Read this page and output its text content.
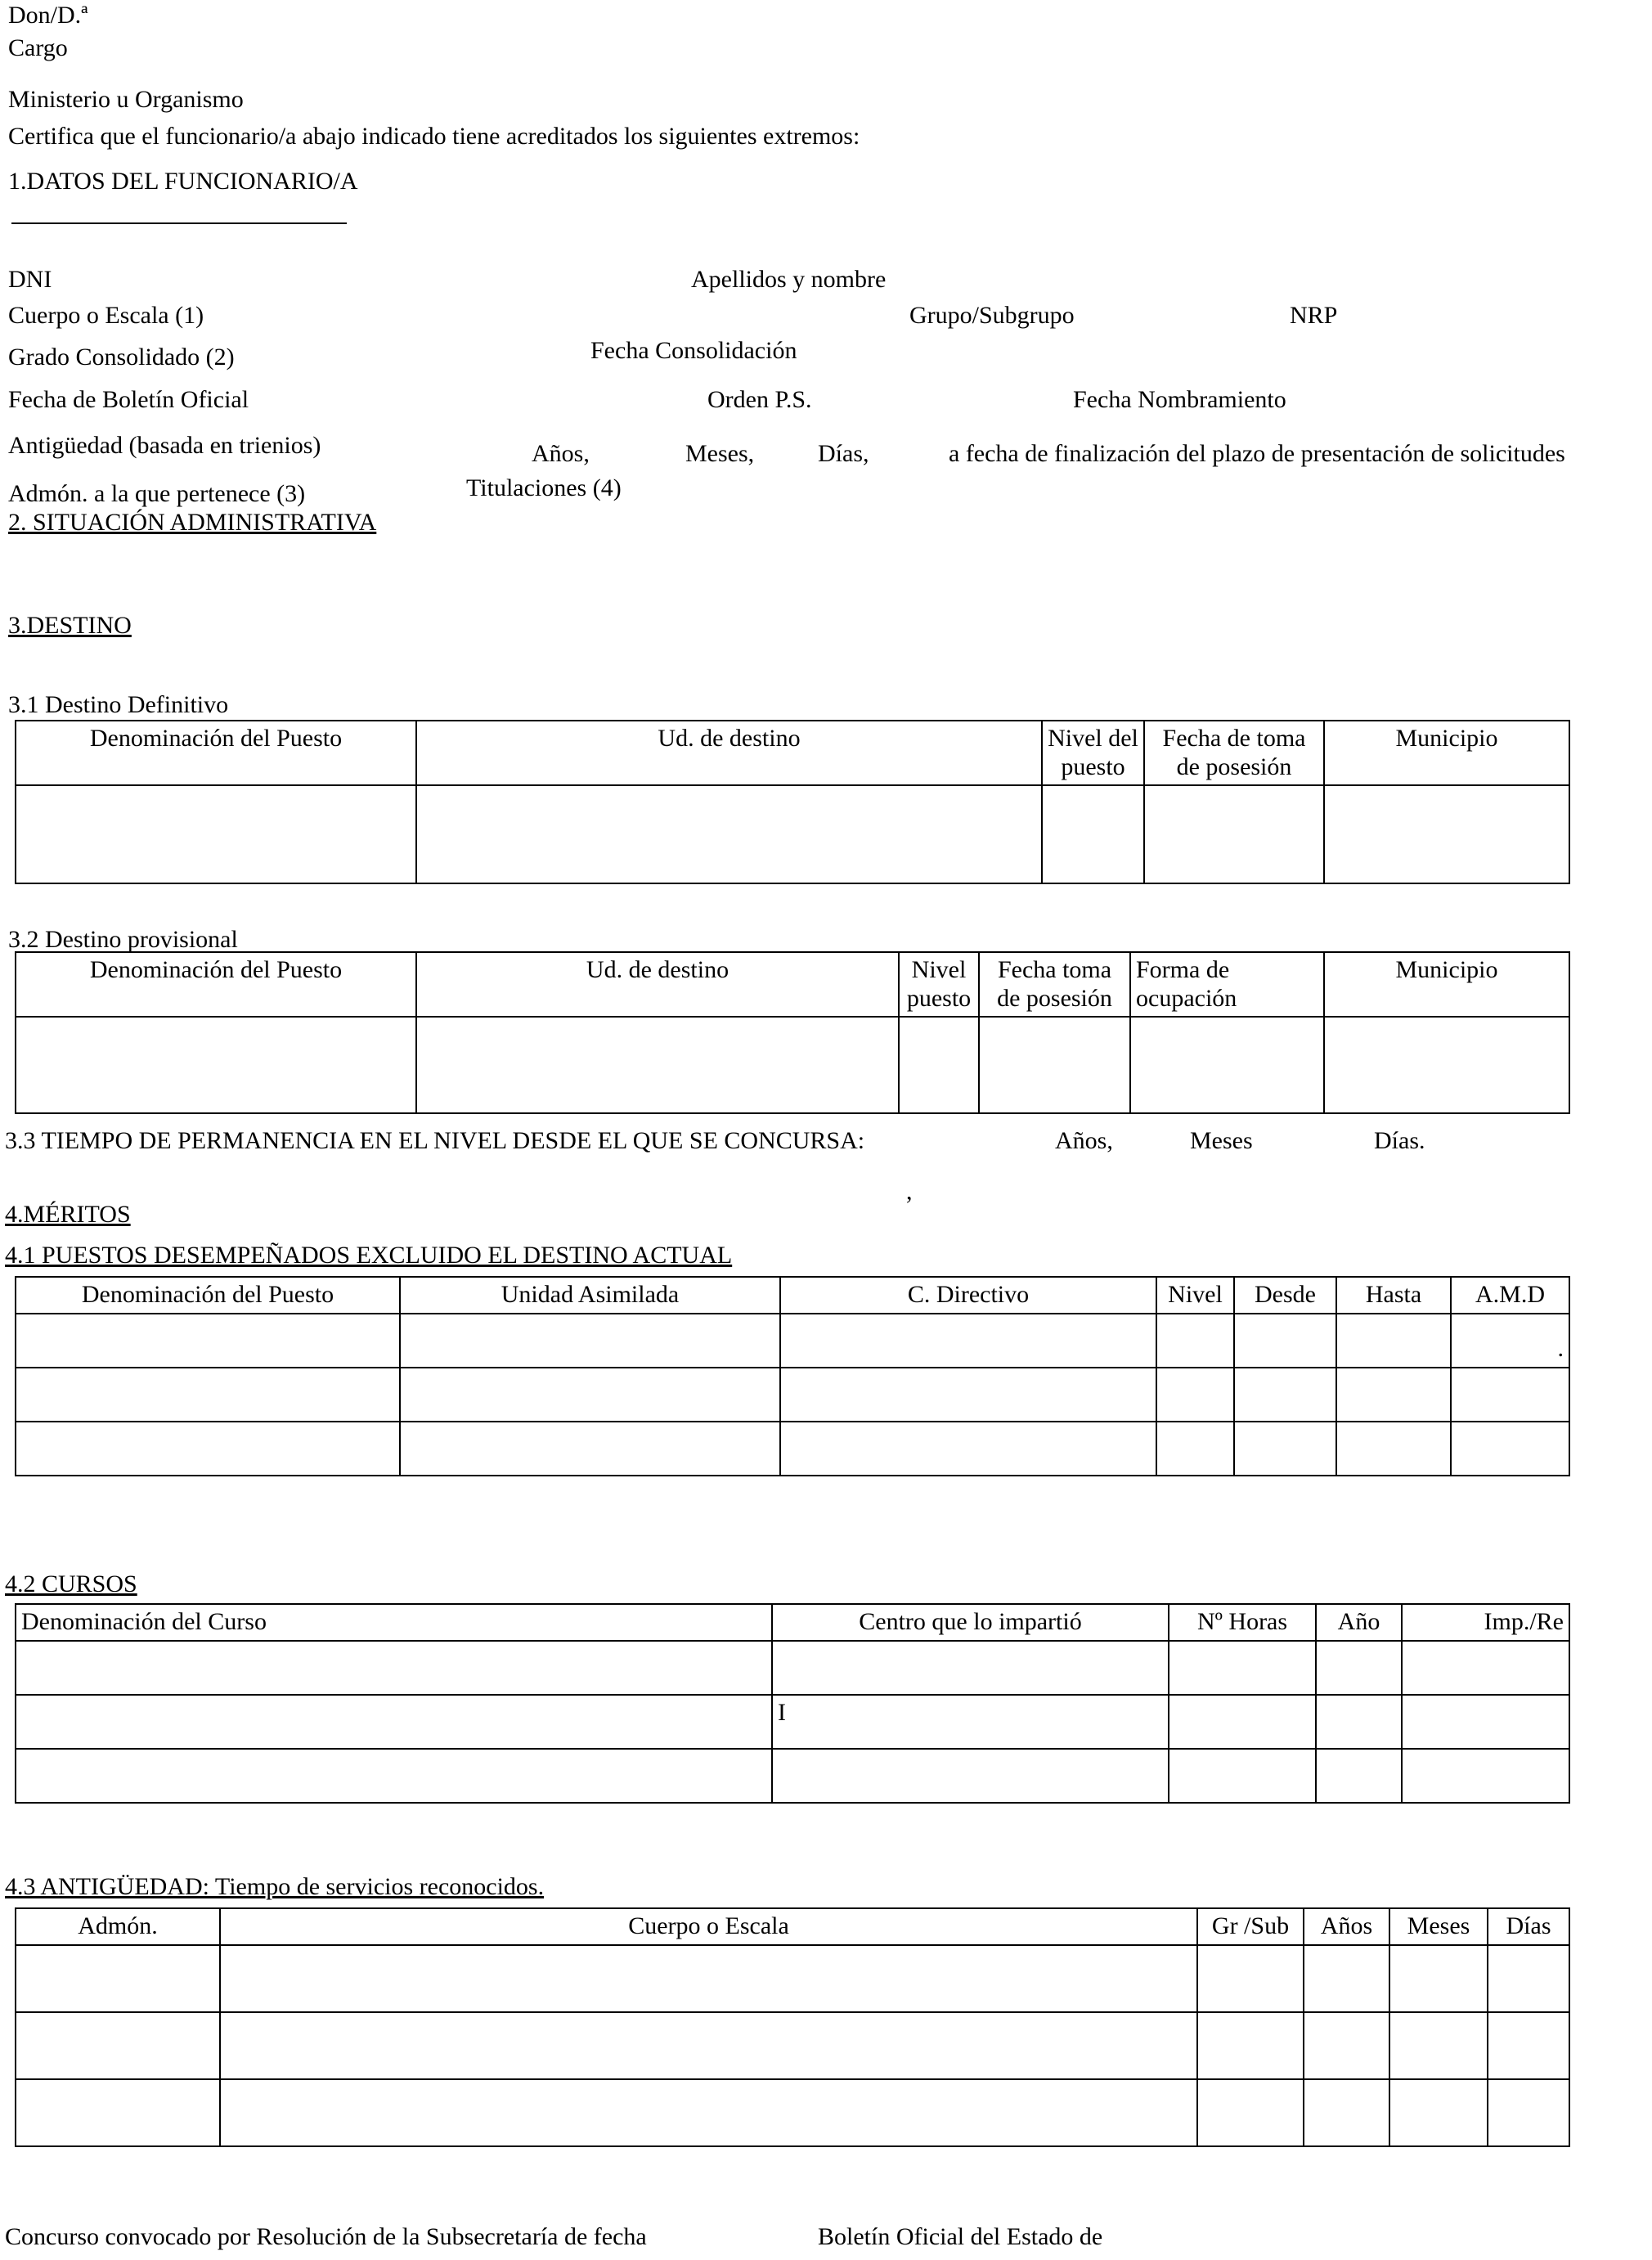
Don/D.ª
Cargo
Ministerio u Organismo
Certifica que el funcionario/a abajo indicado tiene acreditados los siguientes extremos:
1.DATOS DEL FUNCIONARIO/A
DNI	Apellidos y nombre
Cuerpo o Escala (1)	Grupo/Subgrupo	NRP
Grado Consolidado (2)	Fecha Consolidación
Fecha de Boletín Oficial	Orden P.S.	Fecha Nombramiento
Antigüedad (basada en trienios)	Años,	Meses,	Días,	a fecha de finalización del plazo de presentación de solicitudes
Admón. a la que pertenece (3)	Titulaciones (4)
2. SITUACIÓN ADMINISTRATIVA
3.DESTINO
3.1 Destino Definitivo
Denominación del Puesto	Ud. de destino	Nivel del puesto	Fecha de toma de posesión	Municipio

3.2 Destino provisional
Denominación del Puesto	Ud. de destino	Nivel puesto	Fecha toma de posesión	Forma de ocupación	Municipio

3.3 TIEMPO DE PERMANENCIA EN EL NIVEL DESDE EL QUE SE CONCURSA:	Años,	Meses	Días.
,
4.MÉRITOS
4.1 PUESTOS DESEMPEÑADOS EXCLUIDO EL DESTINO ACTUAL
Denominación del Puesto	Unidad Asimilada	C. Directivo	Nivel	Desde	Hasta	A.M.D
						.

4.2 CURSOS
Denominación del Curso	Centro que lo impartió	Nº Horas	Año	Imp./Re

	I			

4.3 ANTIGÜEDAD: Tiempo de servicios reconocidos.
Admón.	Cuerpo o Escala	Gr /Sub	Años	Meses	Días

Concurso convocado por Resolución de la Subsecretaría de fecha	Boletín Oficial del Estado de
